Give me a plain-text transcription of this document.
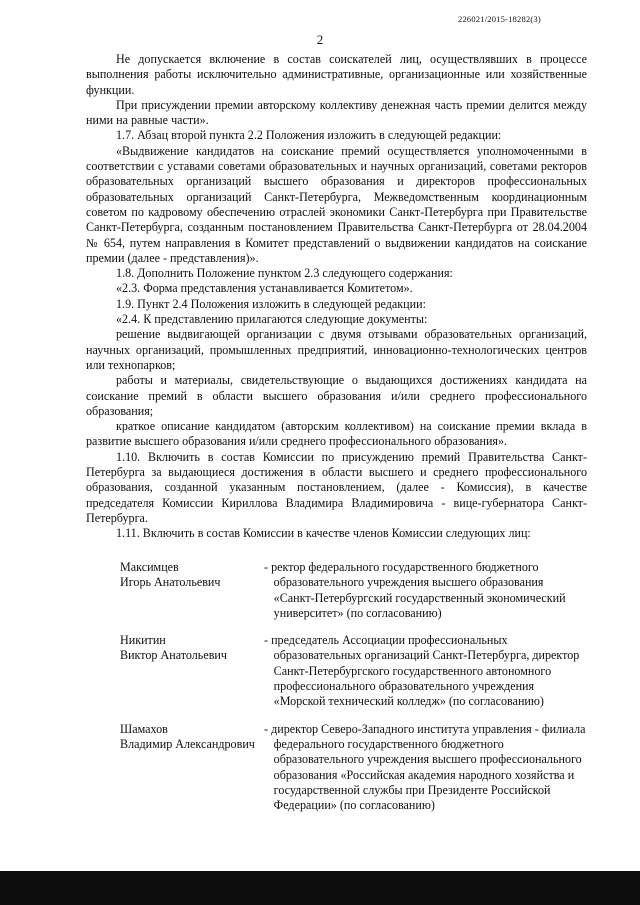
226021/2015-18282(3)
2

Не допускается включение в состав соискателей лиц, осуществлявших в процессе выполнения работы исключительно административные, организационные или хозяйственные функции.

При присуждении премии авторскому коллективу денежная часть премии делится между ними на равные части».

1.7. Абзац второй пункта 2.2 Положения изложить в следующей редакции:

«Выдвижение кандидатов на соискание премий осуществляется уполномоченными в соответствии с уставами советами образовательных и научных организаций, советами ректоров образовательных организаций высшего образования и директоров профессиональных образовательных организаций Санкт-Петербурга, Межведомственным координационным советом по кадровому обеспечению отраслей экономики Санкт-Петербурга при Правительстве Санкт-Петербурга, созданным постановлением Правительства Санкт-Петербурга от 28.04.2004 № 654, путем направления в Комитет представлений о выдвижении кандидатов на соискание премии (далее - представления)».

1.8. Дополнить Положение пунктом 2.3 следующего содержания:

«2.3. Форма представления устанавливается Комитетом».

1.9. Пункт 2.4 Положения изложить в следующей редакции:

«2.4. К представлению прилагаются следующие документы:

решение выдвигающей организации с двумя отзывами образовательных организаций, научных организаций, промышленных предприятий, инновационно-технологических центров или технопарков;

работы и материалы, свидетельствующие о выдающихся достижениях кандидата на соискание премий в области высшего образования и/или среднего профессионального образования;

краткое описание кандидатом (авторским коллективом) на соискание премии вклада в развитие высшего образования и/или среднего профессионального образования».

1.10. Включить в состав Комиссии по присуждению премий Правительства Санкт-Петербурга за выдающиеся достижения в области высшего и среднего профессионального образования, созданной указанным постановлением, (далее - Комиссия), в качестве председателя Комиссии Кириллова Владимира Владимировича - вице-губернатора Санкт-Петербурга.

1.11. Включить в состав Комиссии в качестве членов Комиссии следующих лиц:

Максимцев
Игорь Анатольевич
- ректор федерального государственного бюджетного образовательного учреждения высшего образования «Санкт-Петербургский государственный экономический университет» (по согласованию)
Никитин
Виктор Анатольевич
- председатель Ассоциации профессиональных образовательных организаций Санкт-Петербурга, директор Санкт-Петербургского государственного автономного профессионального образовательного учреждения «Морской технический колледж» (по согласованию)
Шамахов
Владимир Александрович
- директор Северо-Западного института управления - филиала федерального государственного бюджетного образовательного учреждения высшего профессионального образования «Российская академия народного хозяйства и государственной службы при Президенте Российской Федерации» (по согласованию)
